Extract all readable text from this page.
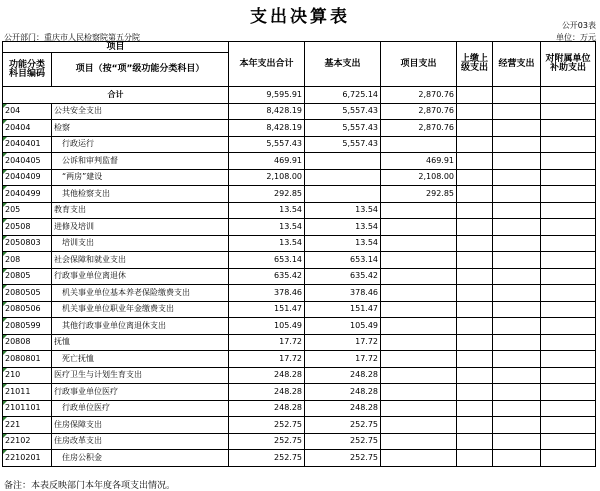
支出决算表	公开03表
公开部门：重庆市人民检察院第五分院	单位：万元
项目		本年支出合计	基本支出	项目支出	上缴上级支出	经营支出	对附属单位补助支出
功能分类科目编码	项目（按“项”级功能分类科目）						
合计		9,595.91	6,725.14	2,870.76			
204	公共安全支出	8,428.19	5,557.43	2,870.76			
20404	检察	8,428.19	5,557.43	2,870.76			
2040401	行政运行	5,557.43	5,557.43				
2040405	公诉和审判监督	469.91		469.91			
2040409	“两房”建设	2,108.00		2,108.00			
2040499	其他检察支出	292.85		292.85			
205	教育支出	13.54	13.54				
20508	进修及培训	13.54	13.54				
2050803	培训支出	13.54	13.54				
208	社会保障和就业支出	653.14	653.14				
20805	行政事业单位离退休	635.42	635.42				
2080505	机关事业单位基本养老保险缴费支出	378.46	378.46				
2080506	机关事业单位职业年金缴费支出	151.47	151.47				
2080599	其他行政事业单位离退休支出	105.49	105.49				
20808	抚恤	17.72	17.72				
2080801	死亡抚恤	17.72	17.72				
210	医疗卫生与计划生育支出	248.28	248.28				
21011	行政事业单位医疗	248.28	248.28				
2101101	行政单位医疗	248.28	248.28				
221	住房保障支出	252.75	252.75				
22102	住房改革支出	252.75	252.75				
2210201	住房公积金	252.75	252.75				
备注：本表反映部门本年度各项支出情况。
